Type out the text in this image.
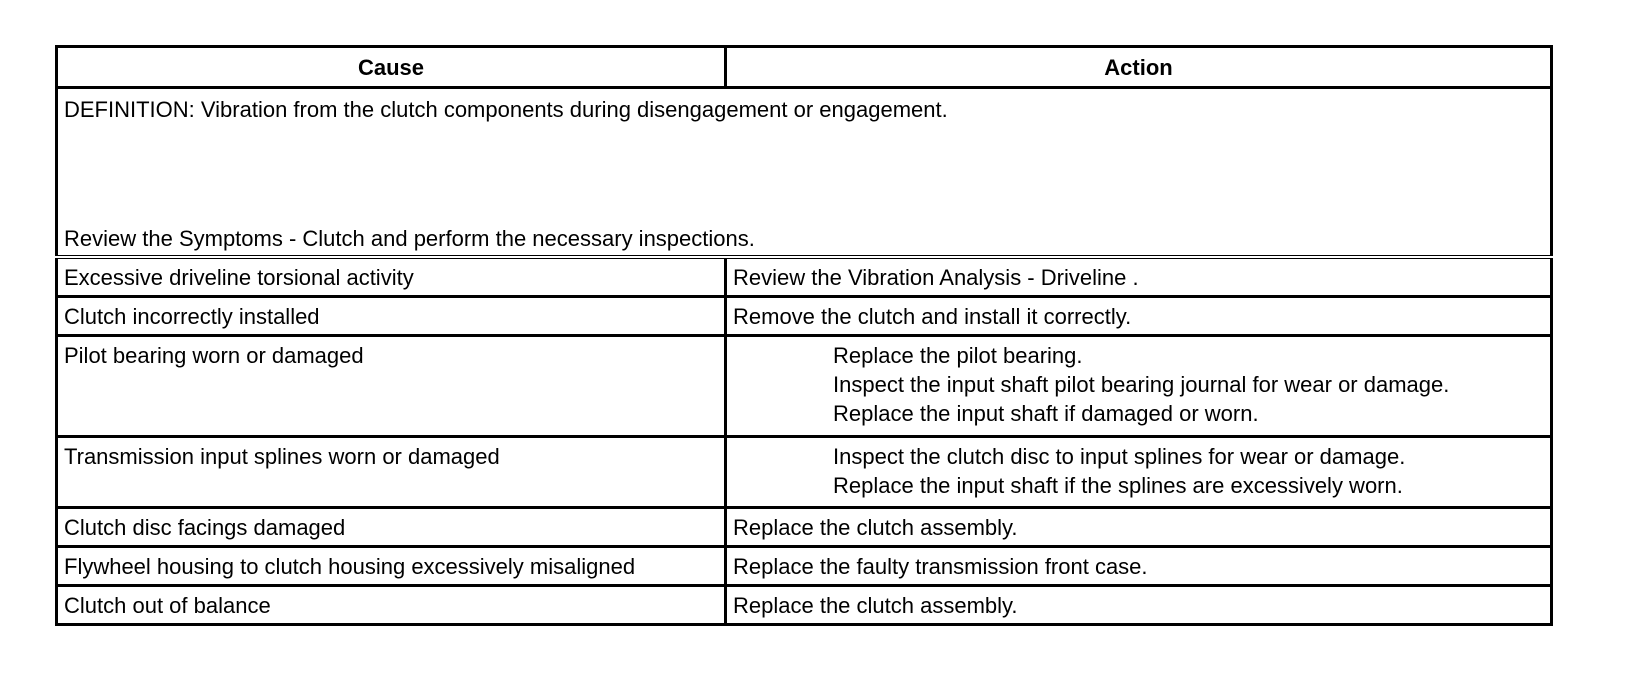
Cause	Action

DEFINITION: Vibration from the clutch components during disengagement or engagement.
Review the Symptoms - Clutch and perform the necessary inspections.	

Excessive driveline torsional activity	Review the Vibration Analysis - Driveline .
Clutch incorrectly installed	Remove the clutch and install it correctly.
Pilot bearing worn or damaged	Replace the pilot bearing.
Inspect the input shaft pilot bearing journal for wear or damage.
Replace the input shaft if damaged or worn.

Transmission input splines worn or damaged	Inspect the clutch disc to input splines for wear or damage.
Replace the input shaft if the splines are excessively worn.

Clutch disc facings damaged	Replace the clutch assembly.
Flywheel housing to clutch housing excessively misaligned	Replace the faulty transmission front case.
Clutch out of balance	Replace the clutch assembly.
